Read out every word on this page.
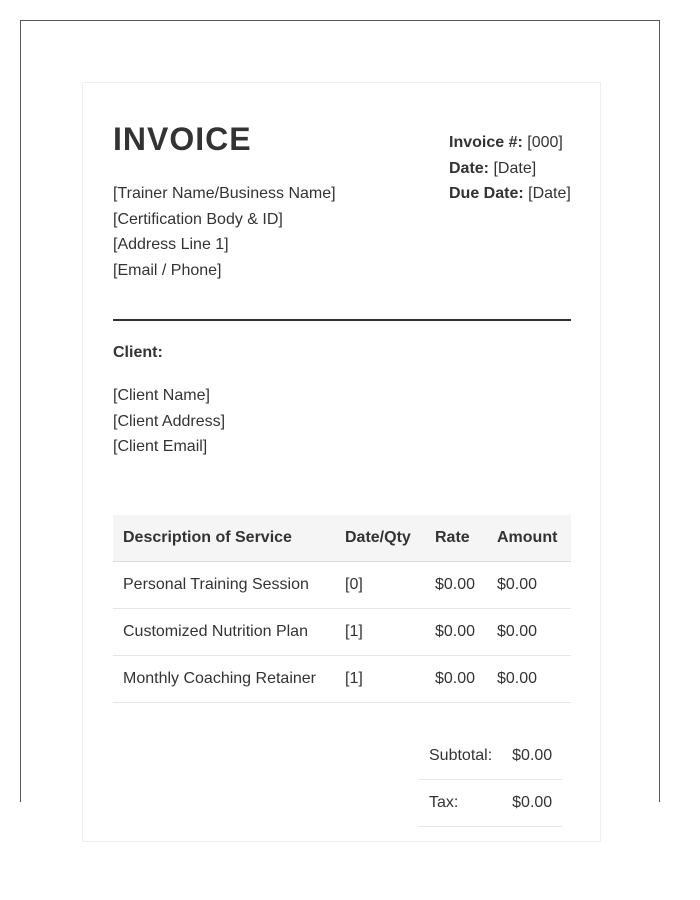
INVOICE
[Trainer Name/Business Name]
[Certification Body & ID]
[Address Line 1]
[Email / Phone]
Invoice #: [000]
Date: [Date]
Due Date: [Date]
Client:
[Client Name]
[Client Address]
[Client Email]
Description of Service	Date/Qty	Rate	Amount
Personal Training Session	[0]	$0.00	$0.00
Customized Nutrition Plan	[1]	$0.00	$0.00
Monthly Coaching Retainer	[1]	$0.00	$0.00
Subtotal:	$0.00
Tax:	$0.00
